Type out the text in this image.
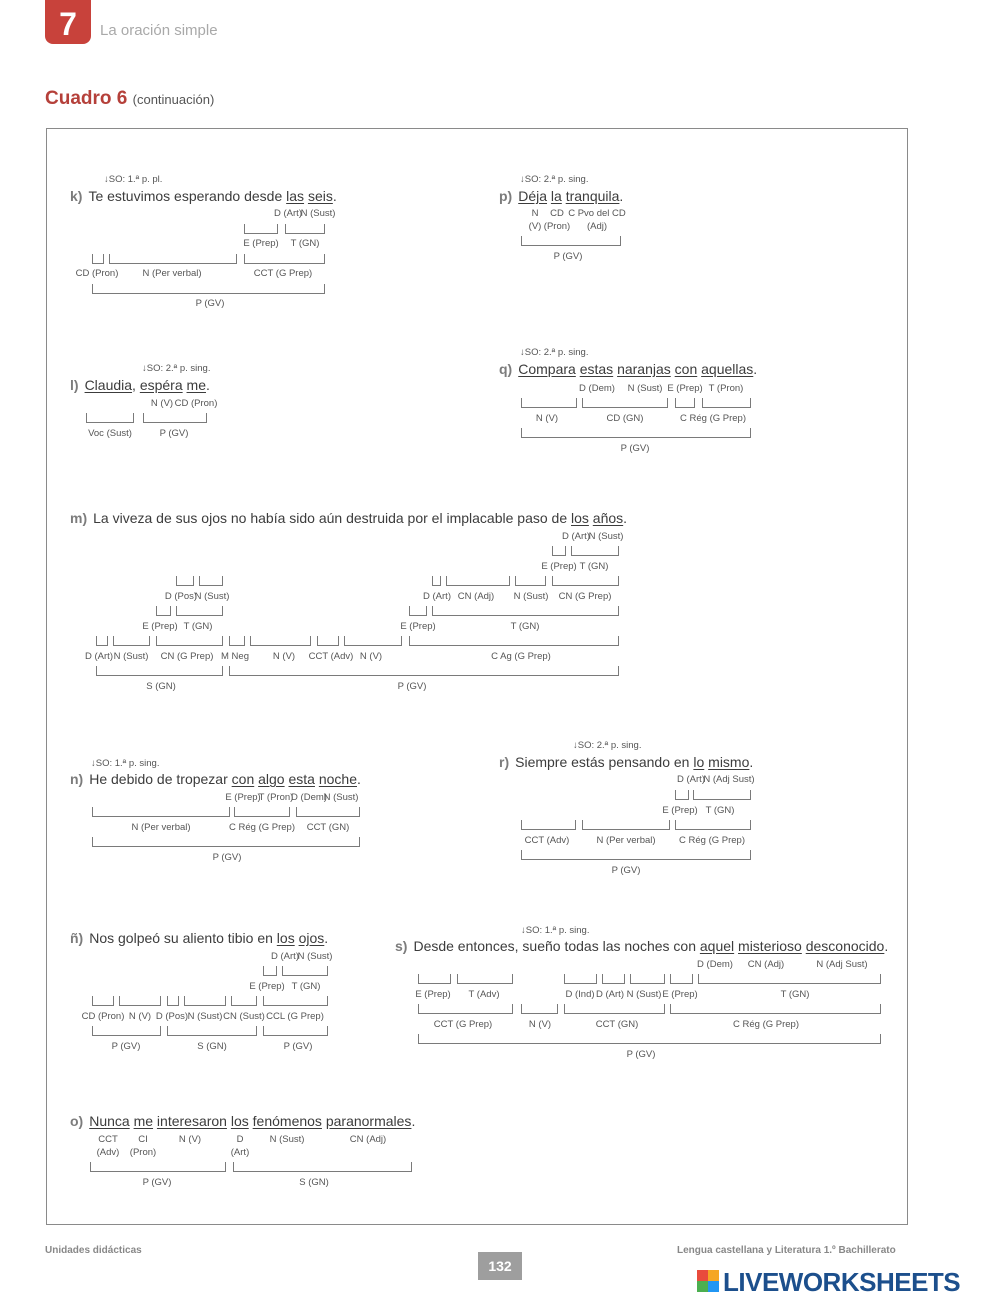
7	La oración simple
Cuadro 6 (continuación)
↓SO: 1.ª p. pl.
k) Te estuvimos esperando desde las seis.
D (Art)
N (Sust)
E (Prep) T (GN)
CD (Pron)	N (Per verbal)	CCT (G Prep)
P (GV)
↓SO: 2.ª p. sing.
p) Déja la tranquila.
N
(V)
CD
(Pron)
C Pvo del CD
(Adj)
P (GV)
↓SO: 2.ª p. sing.
l) Claudia, espéra me.
N (V) CD (Pron)
Voc (Sust)	P (GV)
↓SO: 2.ª p. sing.
q) Compara estas naranjas con aquellas.
D (Dem) N (Sust) E (Prep) T (Pron)
N (V)	CD (GN)	C Rég (G Prep)
P (GV)
m) La viveza de sus ojos no había sido aún destruida por el implacable paso de los años.
D (Art)
N (Sust)
E (Prep) T (GN)
D (Pos)
N (Sust)	D (Art) CN (Adj) N (Sust) CN (G Prep)
E (Prep) T (GN)	E (Prep)	T (GN)
D (Art) N (Sust) CN (G Prep) M Neg	N (V) CCT (Adv) N (V)	C Ag (G Prep)
S (GN)	P (GV)
↓SO: 1.ª p. sing.
n) He debido de tropezar con algo esta noche.
E (Prep)
T (Pron)
D (Dem)
N (Sust)
N (Per verbal)	C Rég (G Prep) CCT (GN)
P (GV)
↓SO: 2.ª p. sing.
r) Siempre estás pensando en lo mismo.
D (Art)
N (Adj Sust)
E (Prep) T (GN)
CCT (Adv)	N (Per verbal) C Rég (G Prep)
P (GV)
ñ) Nos golpeó su aliento tibio en los ojos.
D (Art)
N (Sust)
E (Prep) T (GN)
CD (Pron) N (V) D (Pos) N (Sust) CN (Sust) CCL (G Prep)
P (GV)	S (GN)	P (GV)
↓SO: 1.ª p. sing.
s) Desde entonces, sueño todas las noches con aquel misterioso desconocido.
D (Dem) CN (Adj)	N (Adj Sust)
E (Prep) T (Adv)	D (Ind) D (Art) N (Sust) E (Prep)	T (GN)
CCT (G Prep)	N (V)	CCT (GN)	C Rég (G Prep)
P (GV)
o) Nunca me interesaron los fenómenos paranormales.
CCT
(Adv)
CI
(Pron)
N (V)	D
(Art)
N (Sust)	CN (Adj)
P (GV)	S (GN)
Unidades didácticas	Lengua castellana y Literatura 1.º Bachillerato
132
LIVEWORKSHEETS
